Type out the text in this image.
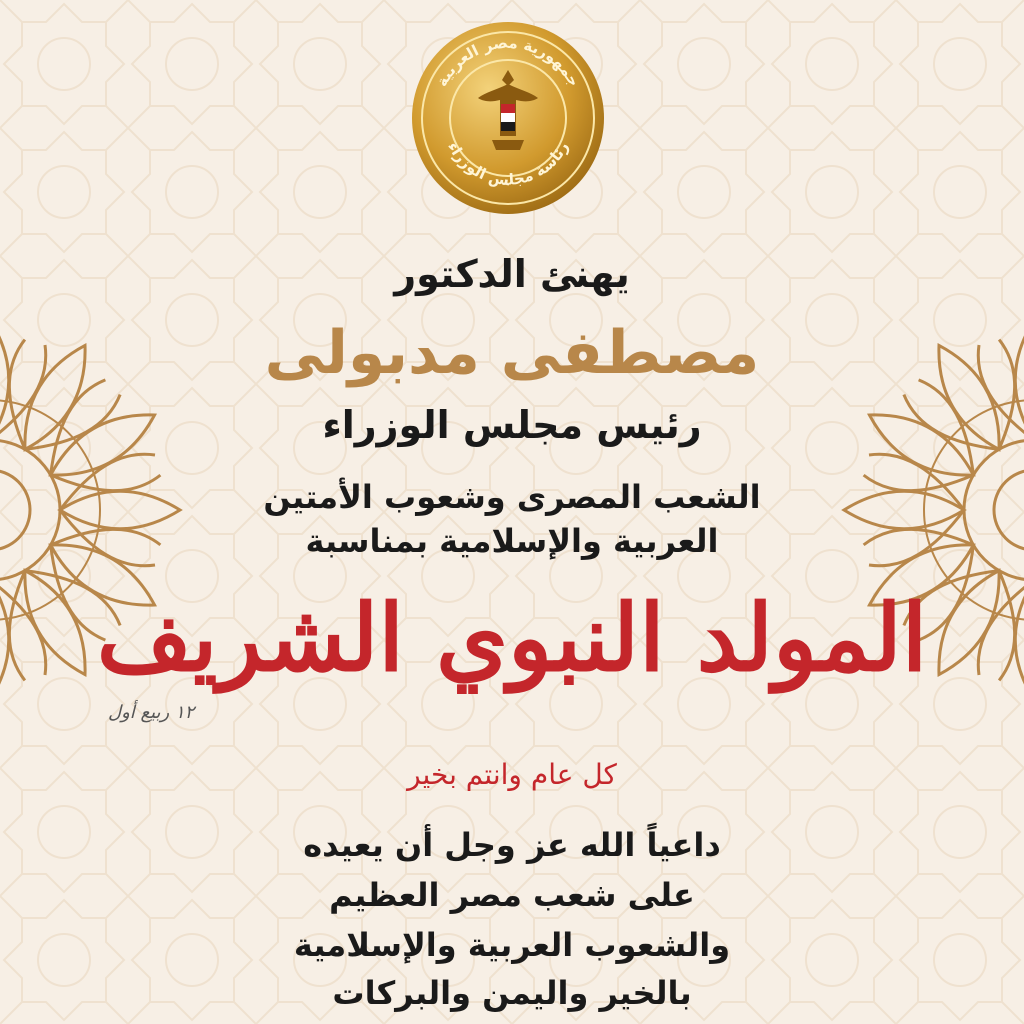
جمهورية مصر العربية
رئاسة مجلس الوزراء
يهنئ الدكتور
مصطفى مدبولى
رئيس مجلس الوزراء
الشعب المصرى وشعوب الأمتين
العربية والإسلامية بمناسبة
المولد النبوي الشريف
١٢ ربيع أول
كل عام وانتم بخير
داعياً الله عز وجل أن يعيده
على شعب مصر العظيم
والشعوب العربية والإسلامية
بالخير واليمن والبركات
